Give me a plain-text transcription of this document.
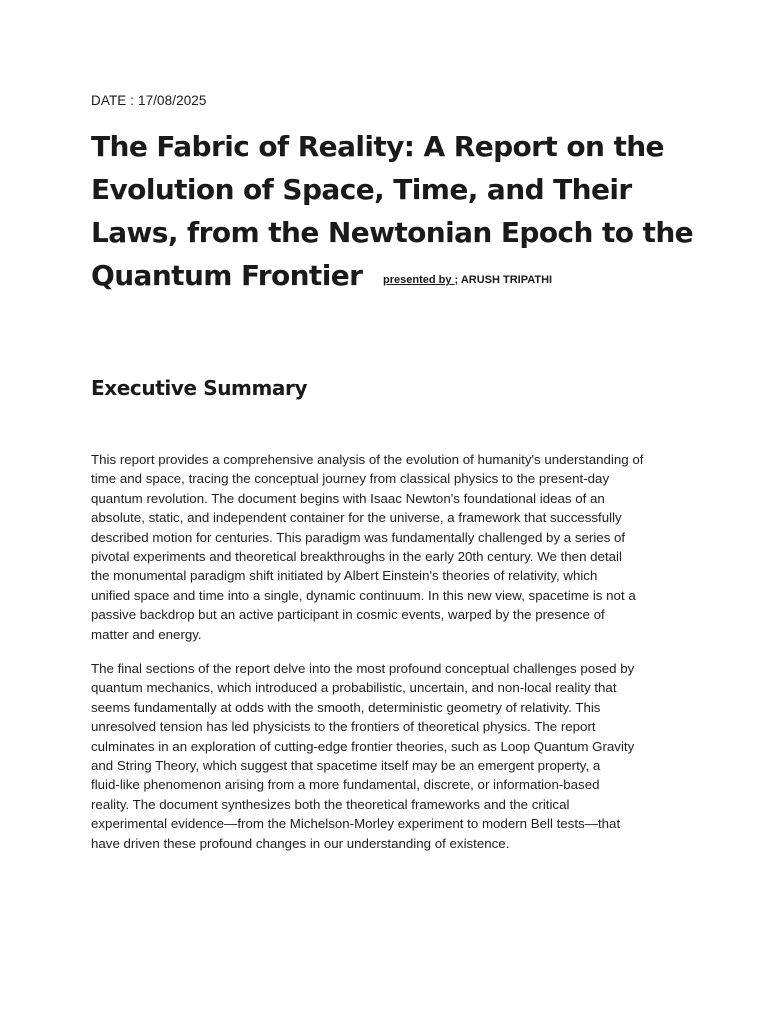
DATE : 17/08/2025
The Fabric of Reality: A Report on the
Evolution of Space, Time, and Their
Laws, from the Newtonian Epoch to the
Quantum Frontier	presented by ; ARUSH TRIPATHI
Executive Summary

This report provides a comprehensive analysis of the evolution of humanity's understanding of
time and space, tracing the conceptual journey from classical physics to the present-day
quantum revolution. The document begins with Isaac Newton's foundational ideas of an
absolute, static, and independent container for the universe, a framework that successfully
described motion for centuries. This paradigm was fundamentally challenged by a series of
pivotal experiments and theoretical breakthroughs in the early 20th century. We then detail
the monumental paradigm shift initiated by Albert Einstein's theories of relativity, which
unified space and time into a single, dynamic continuum. In this new view, spacetime is not a
passive backdrop but an active participant in cosmic events, warped by the presence of
matter and energy.

The final sections of the report delve into the most profound conceptual challenges posed by
quantum mechanics, which introduced a probabilistic, uncertain, and non-local reality that
seems fundamentally at odds with the smooth, deterministic geometry of relativity. This
unresolved tension has led physicists to the frontiers of theoretical physics. The report
culminates in an exploration of cutting-edge frontier theories, such as Loop Quantum Gravity
and String Theory, which suggest that spacetime itself may be an emergent property, a
fluid-like phenomenon arising from a more fundamental, discrete, or information-based
reality. The document synthesizes both the theoretical frameworks and the critical
experimental evidence—from the Michelson-Morley experiment to modern Bell tests—that
have driven these profound changes in our understanding of existence.
